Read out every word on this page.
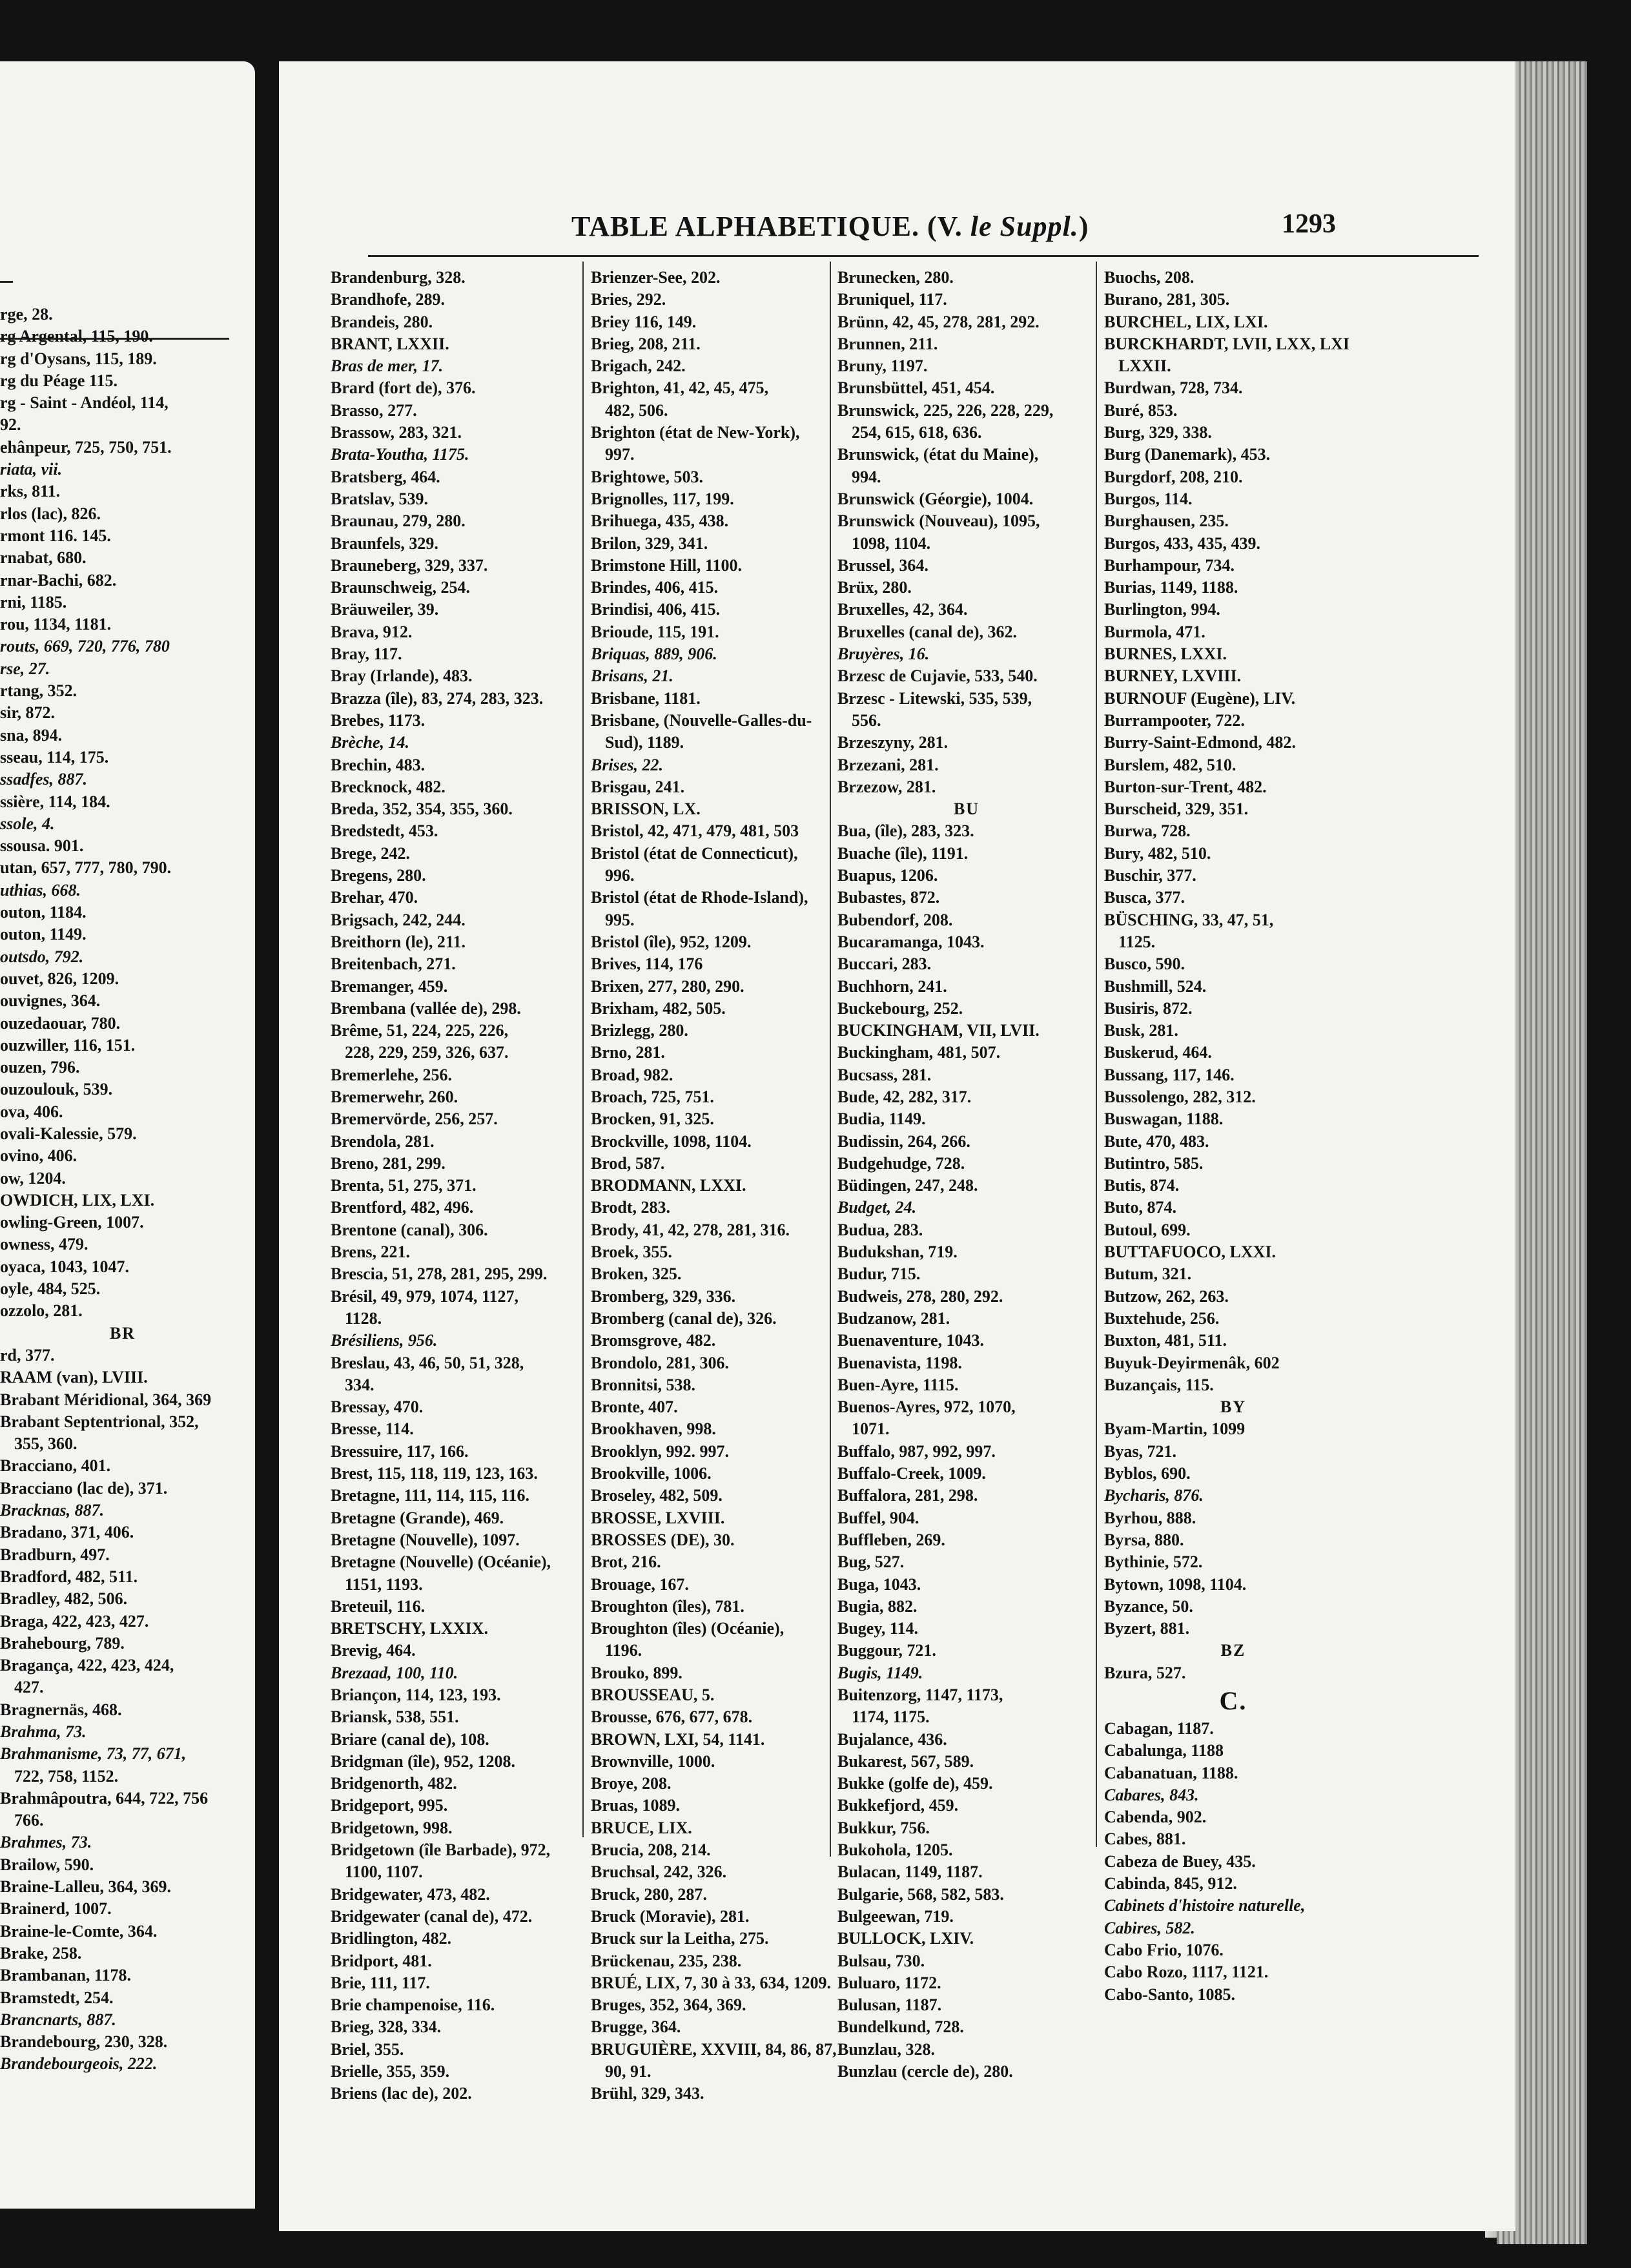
rge, 28.
rg Argental, 115, 190.
rg d'Oysans, 115, 189.
rg du Péage 115.
rg - Saint - Andéol, 114,
92.
ehânpeur, 725, 750, 751.
riata, vii.
rks, 811.
rlos (lac), 826.
rmont 116. 145.
rnabat, 680.
rnar-Bachi, 682.
rni, 1185.
rou, 1134, 1181.
routs, 669, 720, 776, 780
rse, 27.
rtang, 352.
sir, 872.
sna, 894.
sseau, 114, 175.
ssadfes, 887.
ssière, 114, 184.
ssole, 4.
ssousa. 901.
utan, 657, 777, 780, 790.
uthias, 668.
outon, 1184.
outon, 1149.
outsdo, 792.
ouvet, 826, 1209.
ouvignes, 364.
ouzedaouar, 780.
ouzwiller, 116, 151.
ouzen, 796.
ouzoulouk, 539.
ova, 406.
ovali-Kalessie, 579.
ovino, 406.
ow, 1204.
OWDICH, LIX, LXI.
owling-Green, 1007.
owness, 479.
oyaca, 1043, 1047.
oyle, 484, 525.
ozzolo, 281.
BR
rd, 377.
RAAM (van), LVIII.
Brabant Méridional, 364, 369
Brabant Septentrional, 352,
355, 360.
Bracciano, 401.
Bracciano (lac de), 371.
Bracknas, 887.
Bradano, 371, 406.
Bradburn, 497.
Bradford, 482, 511.
Bradley, 482, 506.
Braga, 422, 423, 427.
Brahebourg, 789.
Bragança, 422, 423, 424,
427.
Bragnernäs, 468.
Brahma, 73.
Brahmanisme, 73, 77, 671,
722, 758, 1152.
Brahmâpoutra, 644, 722, 756
766.
Brahmes, 73.
Brailow, 590.
Braine-Lalleu, 364, 369.
Brainerd, 1007.
Braine-le-Comte, 364.
Brake, 258.
Brambanan, 1178.
Bramstedt, 254.
Brancnarts, 887.
Brandebourg, 230, 328.
Brandebourgeois, 222.
TABLE ALPHABETIQUE. (V. le Suppl.)	1293
Brandenburg, 328.
Brandhofe, 289.
Brandeis, 280.
BRANT, LXXII.
Bras de mer, 17.
Brard (fort de), 376.
Brasso, 277.
Brassow, 283, 321.
Brata-Youtha, 1175.
Bratsberg, 464.
Bratslav, 539.
Braunau, 279, 280.
Braunfels, 329.
Brauneberg, 329, 337.
Braunschweig, 254.
Bräuweiler, 39.
Brava, 912.
Bray, 117.
Bray (Irlande), 483.
Brazza (île), 83, 274, 283, 323.
Brebes, 1173.
Brèche, 14.
Brechin, 483.
Brecknock, 482.
Breda, 352, 354, 355, 360.
Bredstedt, 453.
Brege, 242.
Bregens, 280.
Brehar, 470.
Brigsach, 242, 244.
Breithorn (le), 211.
Breitenbach, 271.
Bremanger, 459.
Brembana (vallée de), 298.
Brême, 51, 224, 225, 226,
228, 229, 259, 326, 637.
Bremerlehe, 256.
Bremerwehr, 260.
Bremervörde, 256, 257.
Brendola, 281.
Breno, 281, 299.
Brenta, 51, 275, 371.
Brentford, 482, 496.
Brentone (canal), 306.
Brens, 221.
Brescia, 51, 278, 281, 295, 299.
Brésil, 49, 979, 1074, 1127,
1128.
Brésiliens, 956.
Breslau, 43, 46, 50, 51, 328,
334.
Bressay, 470.
Bresse, 114.
Bressuire, 117, 166.
Brest, 115, 118, 119, 123, 163.
Bretagne, 111, 114, 115, 116.
Bretagne (Grande), 469.
Bretagne (Nouvelle), 1097.
Bretagne (Nouvelle) (Océanie),
1151, 1193.
Breteuil, 116.
BRETSCHY, LXXIX.
Brevig, 464.
Brezaad, 100, 110.
Briançon, 114, 123, 193.
Briansk, 538, 551.
Briare (canal de), 108.
Bridgman (île), 952, 1208.
Bridgenorth, 482.
Bridgeport, 995.
Bridgetown, 998.
Bridgetown (île Barbade), 972,
1100, 1107.
Bridgewater, 473, 482.
Bridgewater (canal de), 472.
Bridlington, 482.
Bridport, 481.
Brie, 111, 117.
Brie champenoise, 116.
Brieg, 328, 334.
Briel, 355.
Brielle, 355, 359.
Briens (lac de), 202.
Brienzer-See, 202.
Bries, 292.
Briey 116, 149.
Brieg, 208, 211.
Brigach, 242.
Brighton, 41, 42, 45, 475,
482, 506.
Brighton (état de New-York),
997.
Brightowe, 503.
Brignolles, 117, 199.
Brihuega, 435, 438.
Brilon, 329, 341.
Brimstone Hill, 1100.
Brindes, 406, 415.
Brindisi, 406, 415.
Brioude, 115, 191.
Briquas, 889, 906.
Brisans, 21.
Brisbane, 1181.
Brisbane, (Nouvelle-Galles-du-
Sud), 1189.
Brises, 22.
Brisgau, 241.
BRISSON, LX.
Bristol, 42, 471, 479, 481, 503
Bristol (état de Connecticut),
996.
Bristol (état de Rhode-Island),
995.
Bristol (île), 952, 1209.
Brives, 114, 176
Brixen, 277, 280, 290.
Brixham, 482, 505.
Brizlegg, 280.
Brno, 281.
Broad, 982.
Broach, 725, 751.
Brocken, 91, 325.
Brockville, 1098, 1104.
Brod, 587.
BRODMANN, LXXI.
Brodt, 283.
Brody, 41, 42, 278, 281, 316.
Broek, 355.
Broken, 325.
Bromberg, 329, 336.
Bromberg (canal de), 326.
Bromsgrove, 482.
Brondolo, 281, 306.
Bronnitsi, 538.
Bronte, 407.
Brookhaven, 998.
Brooklyn, 992. 997.
Brookville, 1006.
Broseley, 482, 509.
BROSSE, LXVIII.
BROSSES (DE), 30.
Brot, 216.
Brouage, 167.
Broughton (îles), 781.
Broughton (îles) (Océanie),
1196.
Brouko, 899.
BROUSSEAU, 5.
Brousse, 676, 677, 678.
BROWN, LXI, 54, 1141.
Brownville, 1000.
Broye, 208.
Bruas, 1089.
BRUCE, LIX.
Brucia, 208, 214.
Bruchsal, 242, 326.
Bruck, 280, 287.
Bruck (Moravie), 281.
Bruck sur la Leitha, 275.
Brückenau, 235, 238.
BRUÉ, LIX, 7, 30 à 33, 634, 1209.
Bruges, 352, 364, 369.
Brugge, 364.
BRUGUIÈRE, XXVIII, 84, 86, 87,
90, 91.
Brühl, 329, 343.
Brunecken, 280.
Bruniquel, 117.
Brünn, 42, 45, 278, 281, 292.
Brunnen, 211.
Bruny, 1197.
Brunsbüttel, 451, 454.
Brunswick, 225, 226, 228, 229,
254, 615, 618, 636.
Brunswick, (état du Maine),
994.
Brunswick (Géorgie), 1004.
Brunswick (Nouveau), 1095,
1098, 1104.
Brussel, 364.
Brüx, 280.
Bruxelles, 42, 364.
Bruxelles (canal de), 362.
Bruyères, 16.
Brzesc de Cujavie, 533, 540.
Brzesc - Litewski, 535, 539,
556.
Brzeszyny, 281.
Brzezani, 281.
Brzezow, 281.
BU
Bua, (île), 283, 323.
Buache (île), 1191.
Buapus, 1206.
Bubastes, 872.
Bubendorf, 208.
Bucaramanga, 1043.
Buccari, 283.
Buchhorn, 241.
Buckebourg, 252.
BUCKINGHAM, VII, LVII.
Buckingham, 481, 507.
Bucsass, 281.
Bude, 42, 282, 317.
Budia, 1149.
Budissin, 264, 266.
Budgehudge, 728.
Büdingen, 247, 248.
Budget, 24.
Budua, 283.
Budukshan, 719.
Budur, 715.
Budweis, 278, 280, 292.
Budzanow, 281.
Buenaventure, 1043.
Buenavista, 1198.
Buen-Ayre, 1115.
Buenos-Ayres, 972, 1070,
1071.
Buffalo, 987, 992, 997.
Buffalo-Creek, 1009.
Buffalora, 281, 298.
Buffel, 904.
Buffleben, 269.
Bug, 527.
Buga, 1043.
Bugia, 882.
Bugey, 114.
Buggour, 721.
Bugis, 1149.
Buitenzorg, 1147, 1173,
1174, 1175.
Bujalance, 436.
Bukarest, 567, 589.
Bukke (golfe de), 459.
Bukkefjord, 459.
Bukkur, 756.
Bukohola, 1205.
Bulacan, 1149, 1187.
Bulgarie, 568, 582, 583.
Bulgeewan, 719.
BULLOCK, LXIV.
Bulsau, 730.
Buluaro, 1172.
Bulusan, 1187.
Bundelkund, 728.
Bunzlau, 328.
Bunzlau (cercle de), 280.
Buochs, 208.
Burano, 281, 305.
BURCHEL, LIX, LXI.
BURCKHARDT, LVII, LXX, LXI
LXXII.
Burdwan, 728, 734.
Buré, 853.
Burg, 329, 338.
Burg (Danemark), 453.
Burgdorf, 208, 210.
Burgos, 114.
Burghausen, 235.
Burgos, 433, 435, 439.
Burhampour, 734.
Burias, 1149, 1188.
Burlington, 994.
Burmola, 471.
BURNES, LXXI.
BURNEY, LXVIII.
BURNOUF (Eugène), LIV.
Burrampooter, 722.
Burry-Saint-Edmond, 482.
Burslem, 482, 510.
Burton-sur-Trent, 482.
Burscheid, 329, 351.
Burwa, 728.
Bury, 482, 510.
Buschir, 377.
Busca, 377.
BÜSCHING, 33, 47, 51,
1125.
Busco, 590.
Bushmill, 524.
Busiris, 872.
Busk, 281.
Buskerud, 464.
Bussang, 117, 146.
Bussolengo, 282, 312.
Buswagan, 1188.
Bute, 470, 483.
Butintro, 585.
Butis, 874.
Buto, 874.
Butoul, 699.
BUTTAFUOCO, LXXI.
Butum, 321.
Butzow, 262, 263.
Buxtehude, 256.
Buxton, 481, 511.
Buyuk-Deyirmenâk, 602
Buzançais, 115.
BY
Byam-Martin, 1099
Byas, 721.
Byblos, 690.
Bycharis, 876.
Byrhou, 888.
Byrsa, 880.
Bythinie, 572.
Bytown, 1098, 1104.
Byzance, 50.
Byzert, 881.
BZ
Bzura, 527.
C.
Cabagan, 1187.
Cabalunga, 1188
Cabanatuan, 1188.
Cabares, 843.
Cabenda, 902.
Cabes, 881.
Cabeza de Buey, 435.
Cabinda, 845, 912.
Cabinets d'histoire naturelle,
Cabires, 582.
Cabo Frio, 1076.
Cabo Rozo, 1117, 1121.
Cabo-Santo, 1085.
